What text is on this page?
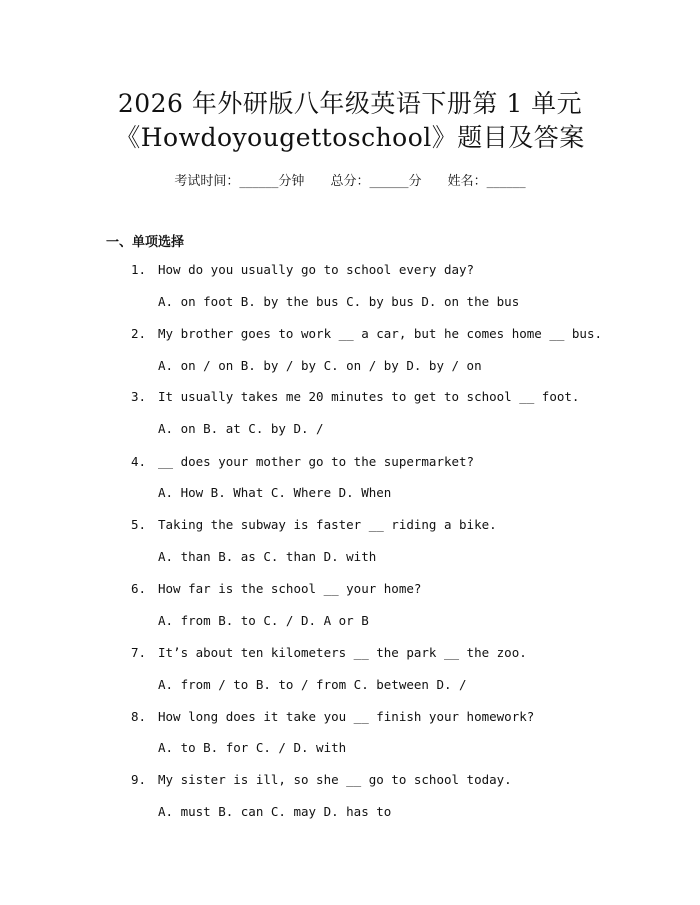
2026 年外研版八年级英语下册第 1 单元
《Howdoyougettoschool》题目及答案
考试时间：______分钟 总分：______分 姓名：______
一、单项选择
1. How do you usually go to school every day?
A. on foot B. by the bus C. by bus D. on the bus
2. My brother goes to work __ a car, but he comes home __ bus.
A. on / on B. by / by C. on / by D. by / on
3. It usually takes me 20 minutes to get to school __ foot.
A. on B. at C. by D. /
4. __ does your mother go to the supermarket?
A. How B. What C. Where D. When
5. Taking the subway is faster __ riding a bike.
A. than B. as C. than D. with
6. How far is the school __ your home?
A. from B. to C. / D. A or B
7. It’s about ten kilometers __ the park __ the zoo.
A. from / to B. to / from C. between D. /
8. How long does it take you __ finish your homework?
A. to B. for C. / D. with
9. My sister is ill, so she __ go to school today.
A. must B. can C. may D. has to
